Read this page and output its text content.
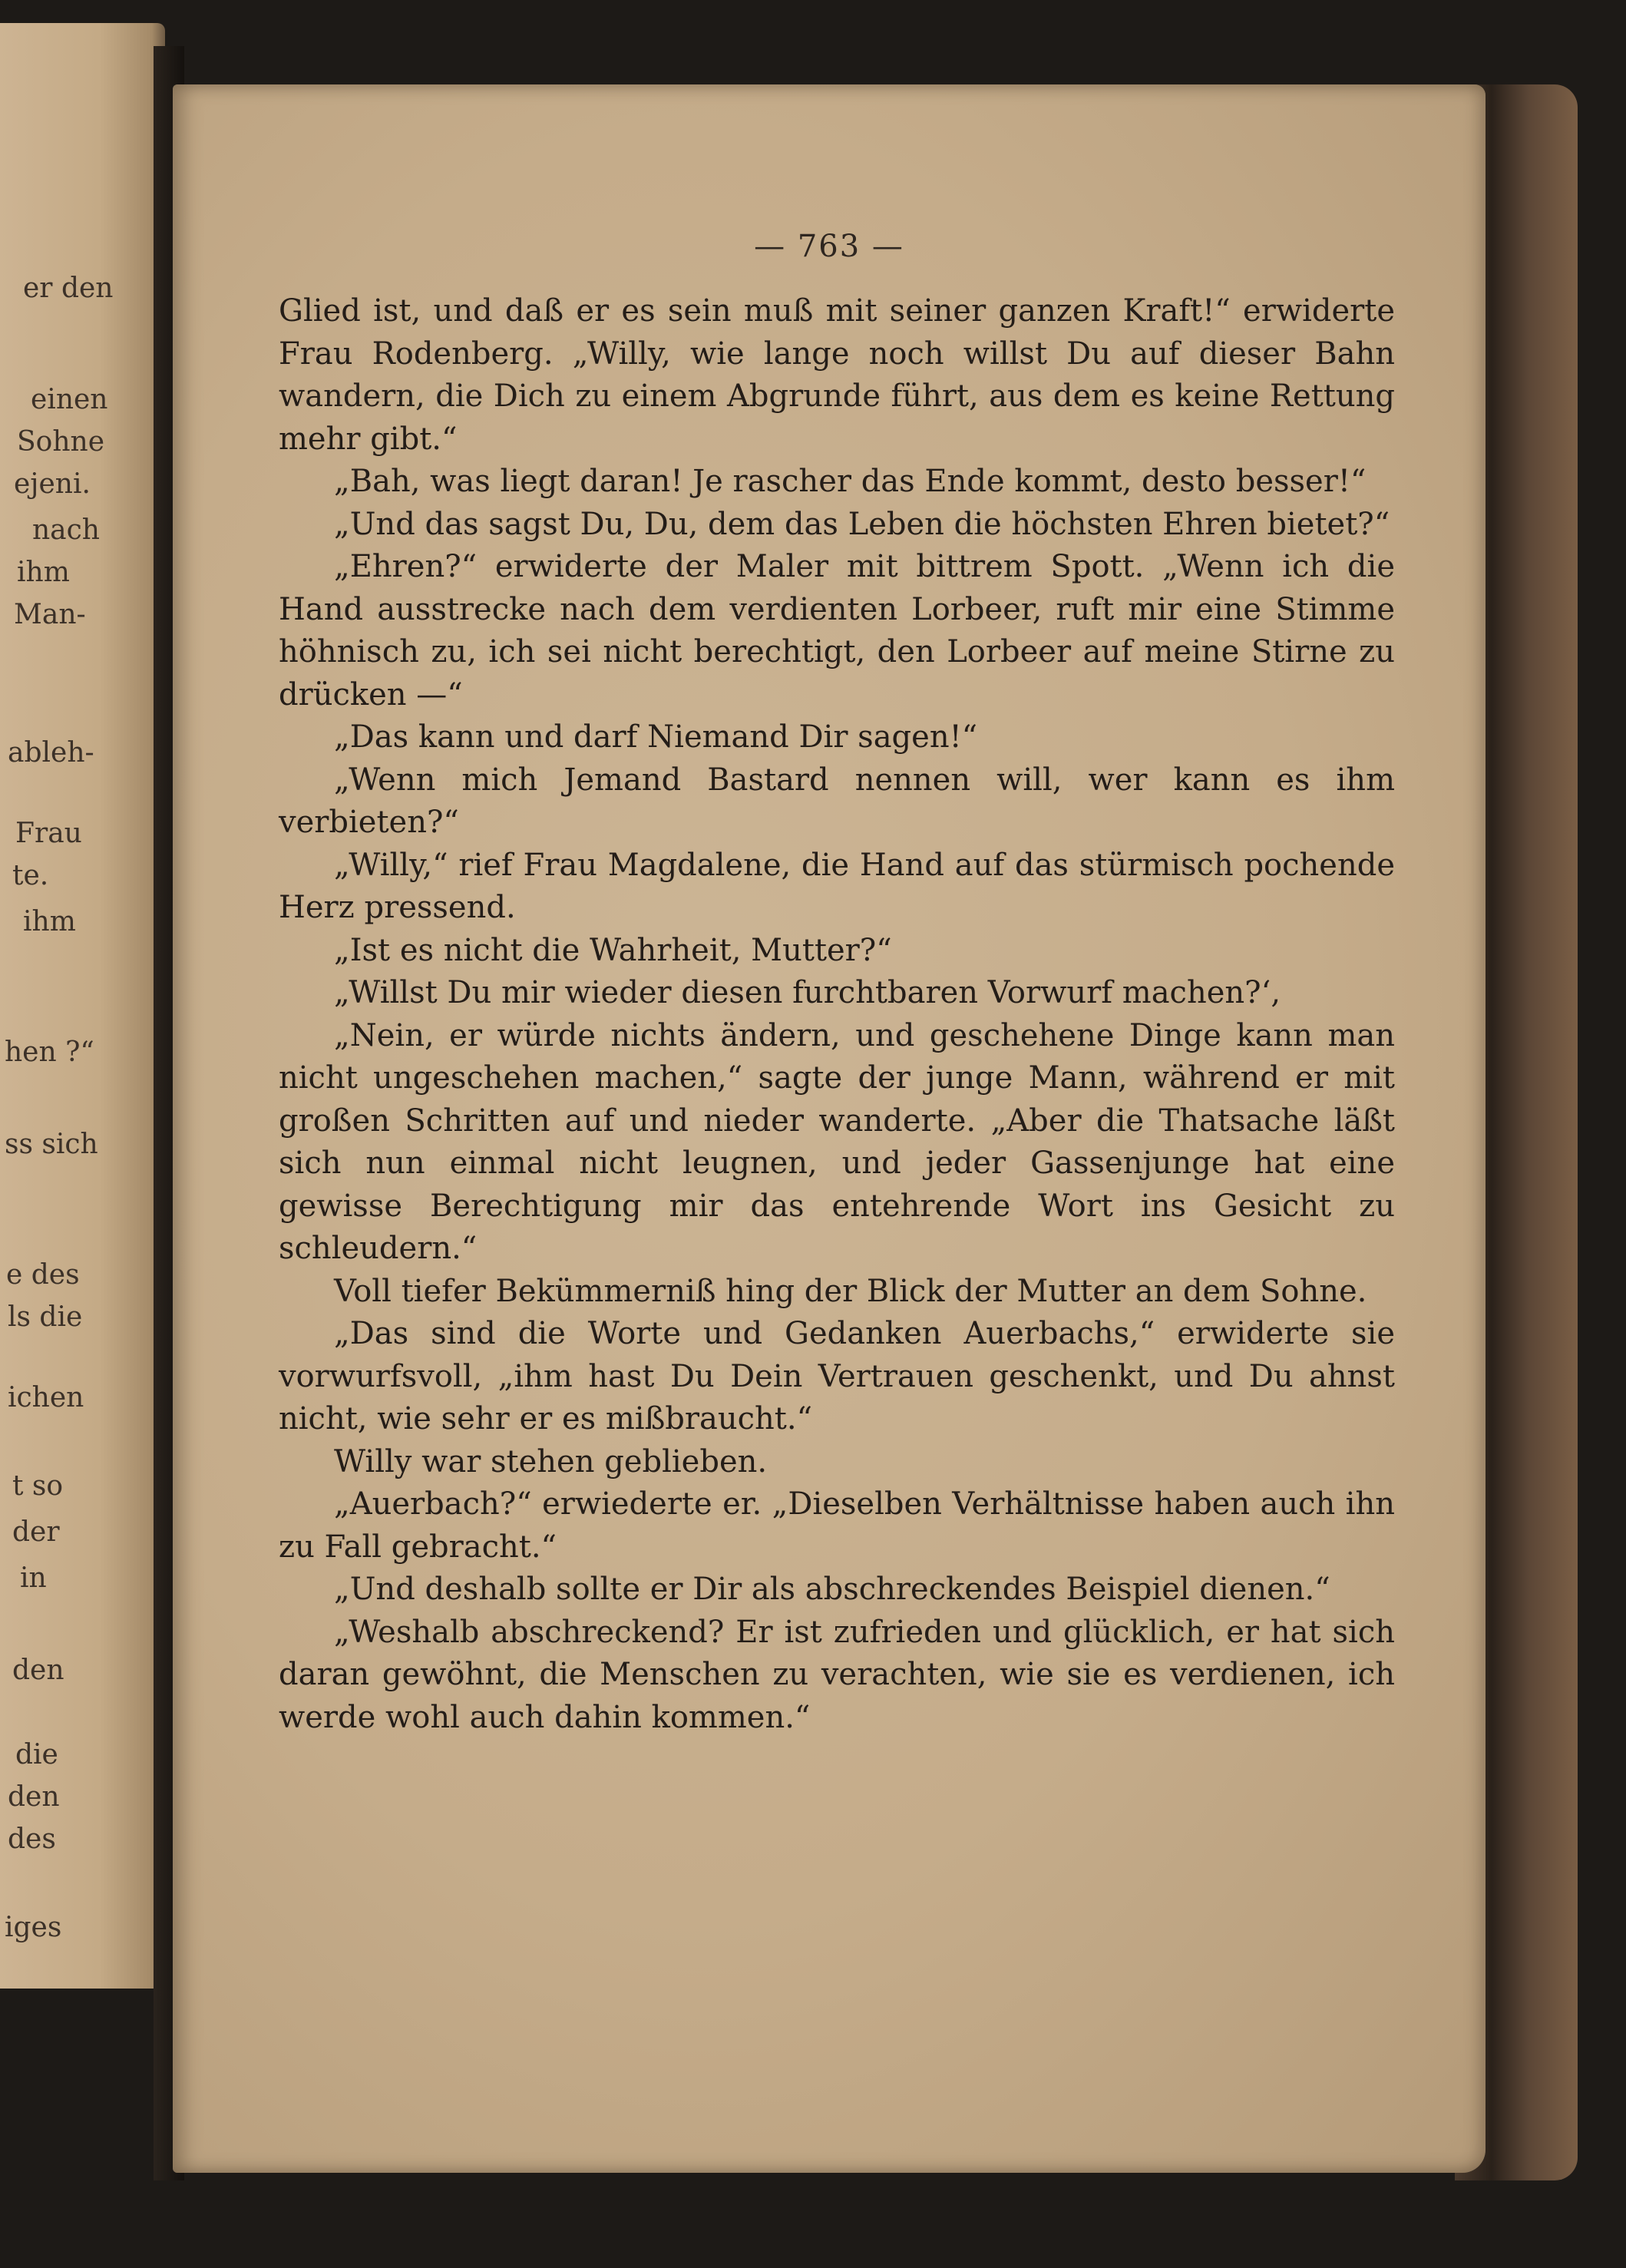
er den
einen
Sohne
ejeni.
nach
ihm
Man-
ableh-
Frau
te.
ihm
hen ?“
ss sich
e des
ls die
ichen
t so
der
in
den
die
den
des
iges
— 763 —

Glied ist, und daß er es sein muß mit seiner ganzen Kraft!“ erwiderte Frau Rodenberg. „Willy, wie lange noch willst Du auf dieser Bahn wandern, die Dich zu einem Abgrunde führt, aus dem es keine Rettung mehr gibt.“

„Bah, was liegt daran! Je rascher das Ende kommt, desto besser!“

„Und das sagst Du, Du, dem das Leben die höchsten Ehren bietet?“

„Ehren?“ erwiderte der Maler mit bittrem Spott. „Wenn ich die Hand ausstrecke nach dem verdienten Lorbeer, ruft mir eine Stimme höhnisch zu, ich sei nicht berechtigt, den Lorbeer auf meine Stirne zu drücken —“

„Das kann und darf Niemand Dir sagen!“

„Wenn mich Jemand Bastard nennen will, wer kann es ihm verbieten?“

„Willy,“ rief Frau Magdalene, die Hand auf das stürmisch pochende Herz pressend.

„Ist es nicht die Wahrheit, Mutter?“

„Willst Du mir wieder diesen furchtbaren Vorwurf machen?‘,

„Nein, er würde nichts ändern, und geschehene Dinge kann man nicht ungeschehen machen,“ sagte der junge Mann, während er mit großen Schritten auf und nieder wanderte. „Aber die Thatsache läßt sich nun einmal nicht leugnen, und jeder Gassenjunge hat eine gewisse Berechtigung mir das entehrende Wort ins Gesicht zu schleudern.“

Voll tiefer Bekümmerniß hing der Blick der Mutter an dem Sohne.

„Das sind die Worte und Gedanken Auerbachs,“ erwiderte sie vorwurfsvoll, „ihm hast Du Dein Vertrauen geschenkt, und Du ahnst nicht, wie sehr er es mißbraucht.“

Willy war stehen geblieben.

„Auerbach?“ erwiederte er. „Dieselben Verhältnisse haben auch ihn zu Fall gebracht.“

„Und deshalb sollte er Dir als abschreckendes Beispiel dienen.“

„Weshalb abschreckend? Er ist zufrieden und glücklich, er hat sich daran gewöhnt, die Menschen zu verachten, wie sie es verdienen, ich werde wohl auch dahin kommen.“
